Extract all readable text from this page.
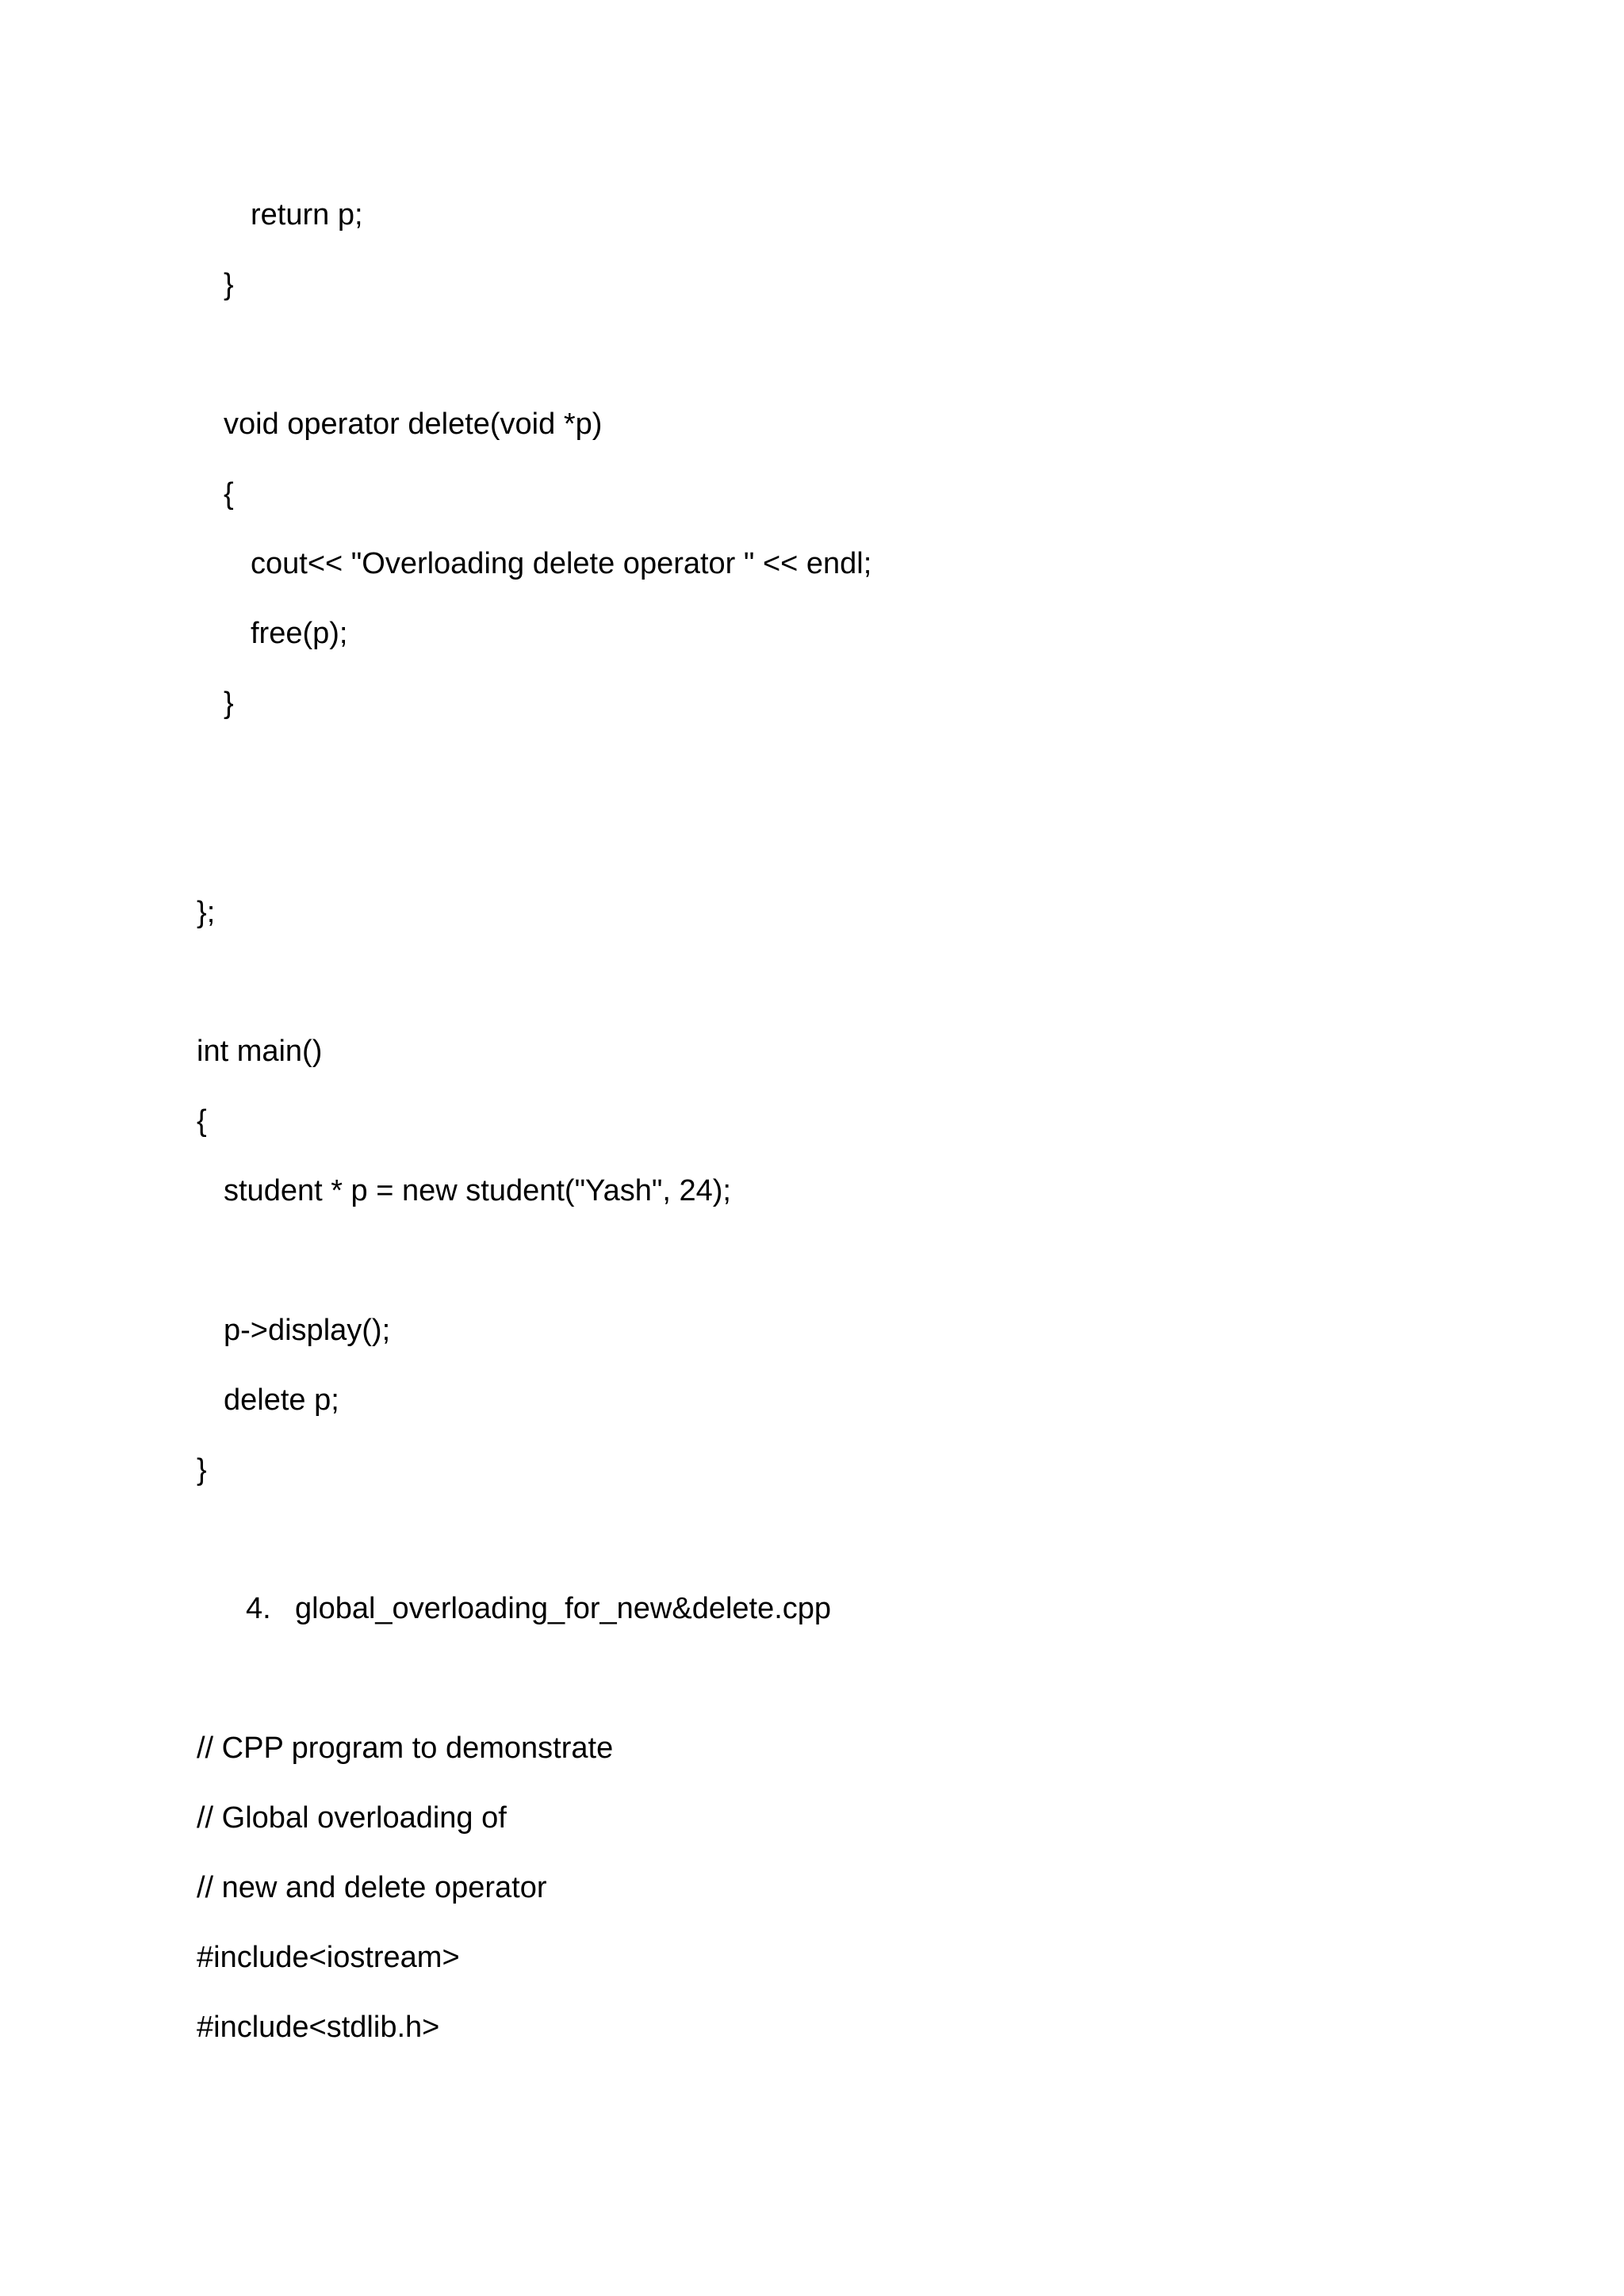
return p;
}
void operator delete(void *p)
{
cout<< "Overloading delete operator " << endl;
free(p);
}
};
int main()
{
student * p = new student("Yash", 24);
p->display();
delete p;
}

4.

global_overloading_for_new&delete.cpp

// CPP program to demonstrate
// Global overloading of
// new and delete operator
#include<iostream>
#include<stdlib.h>
